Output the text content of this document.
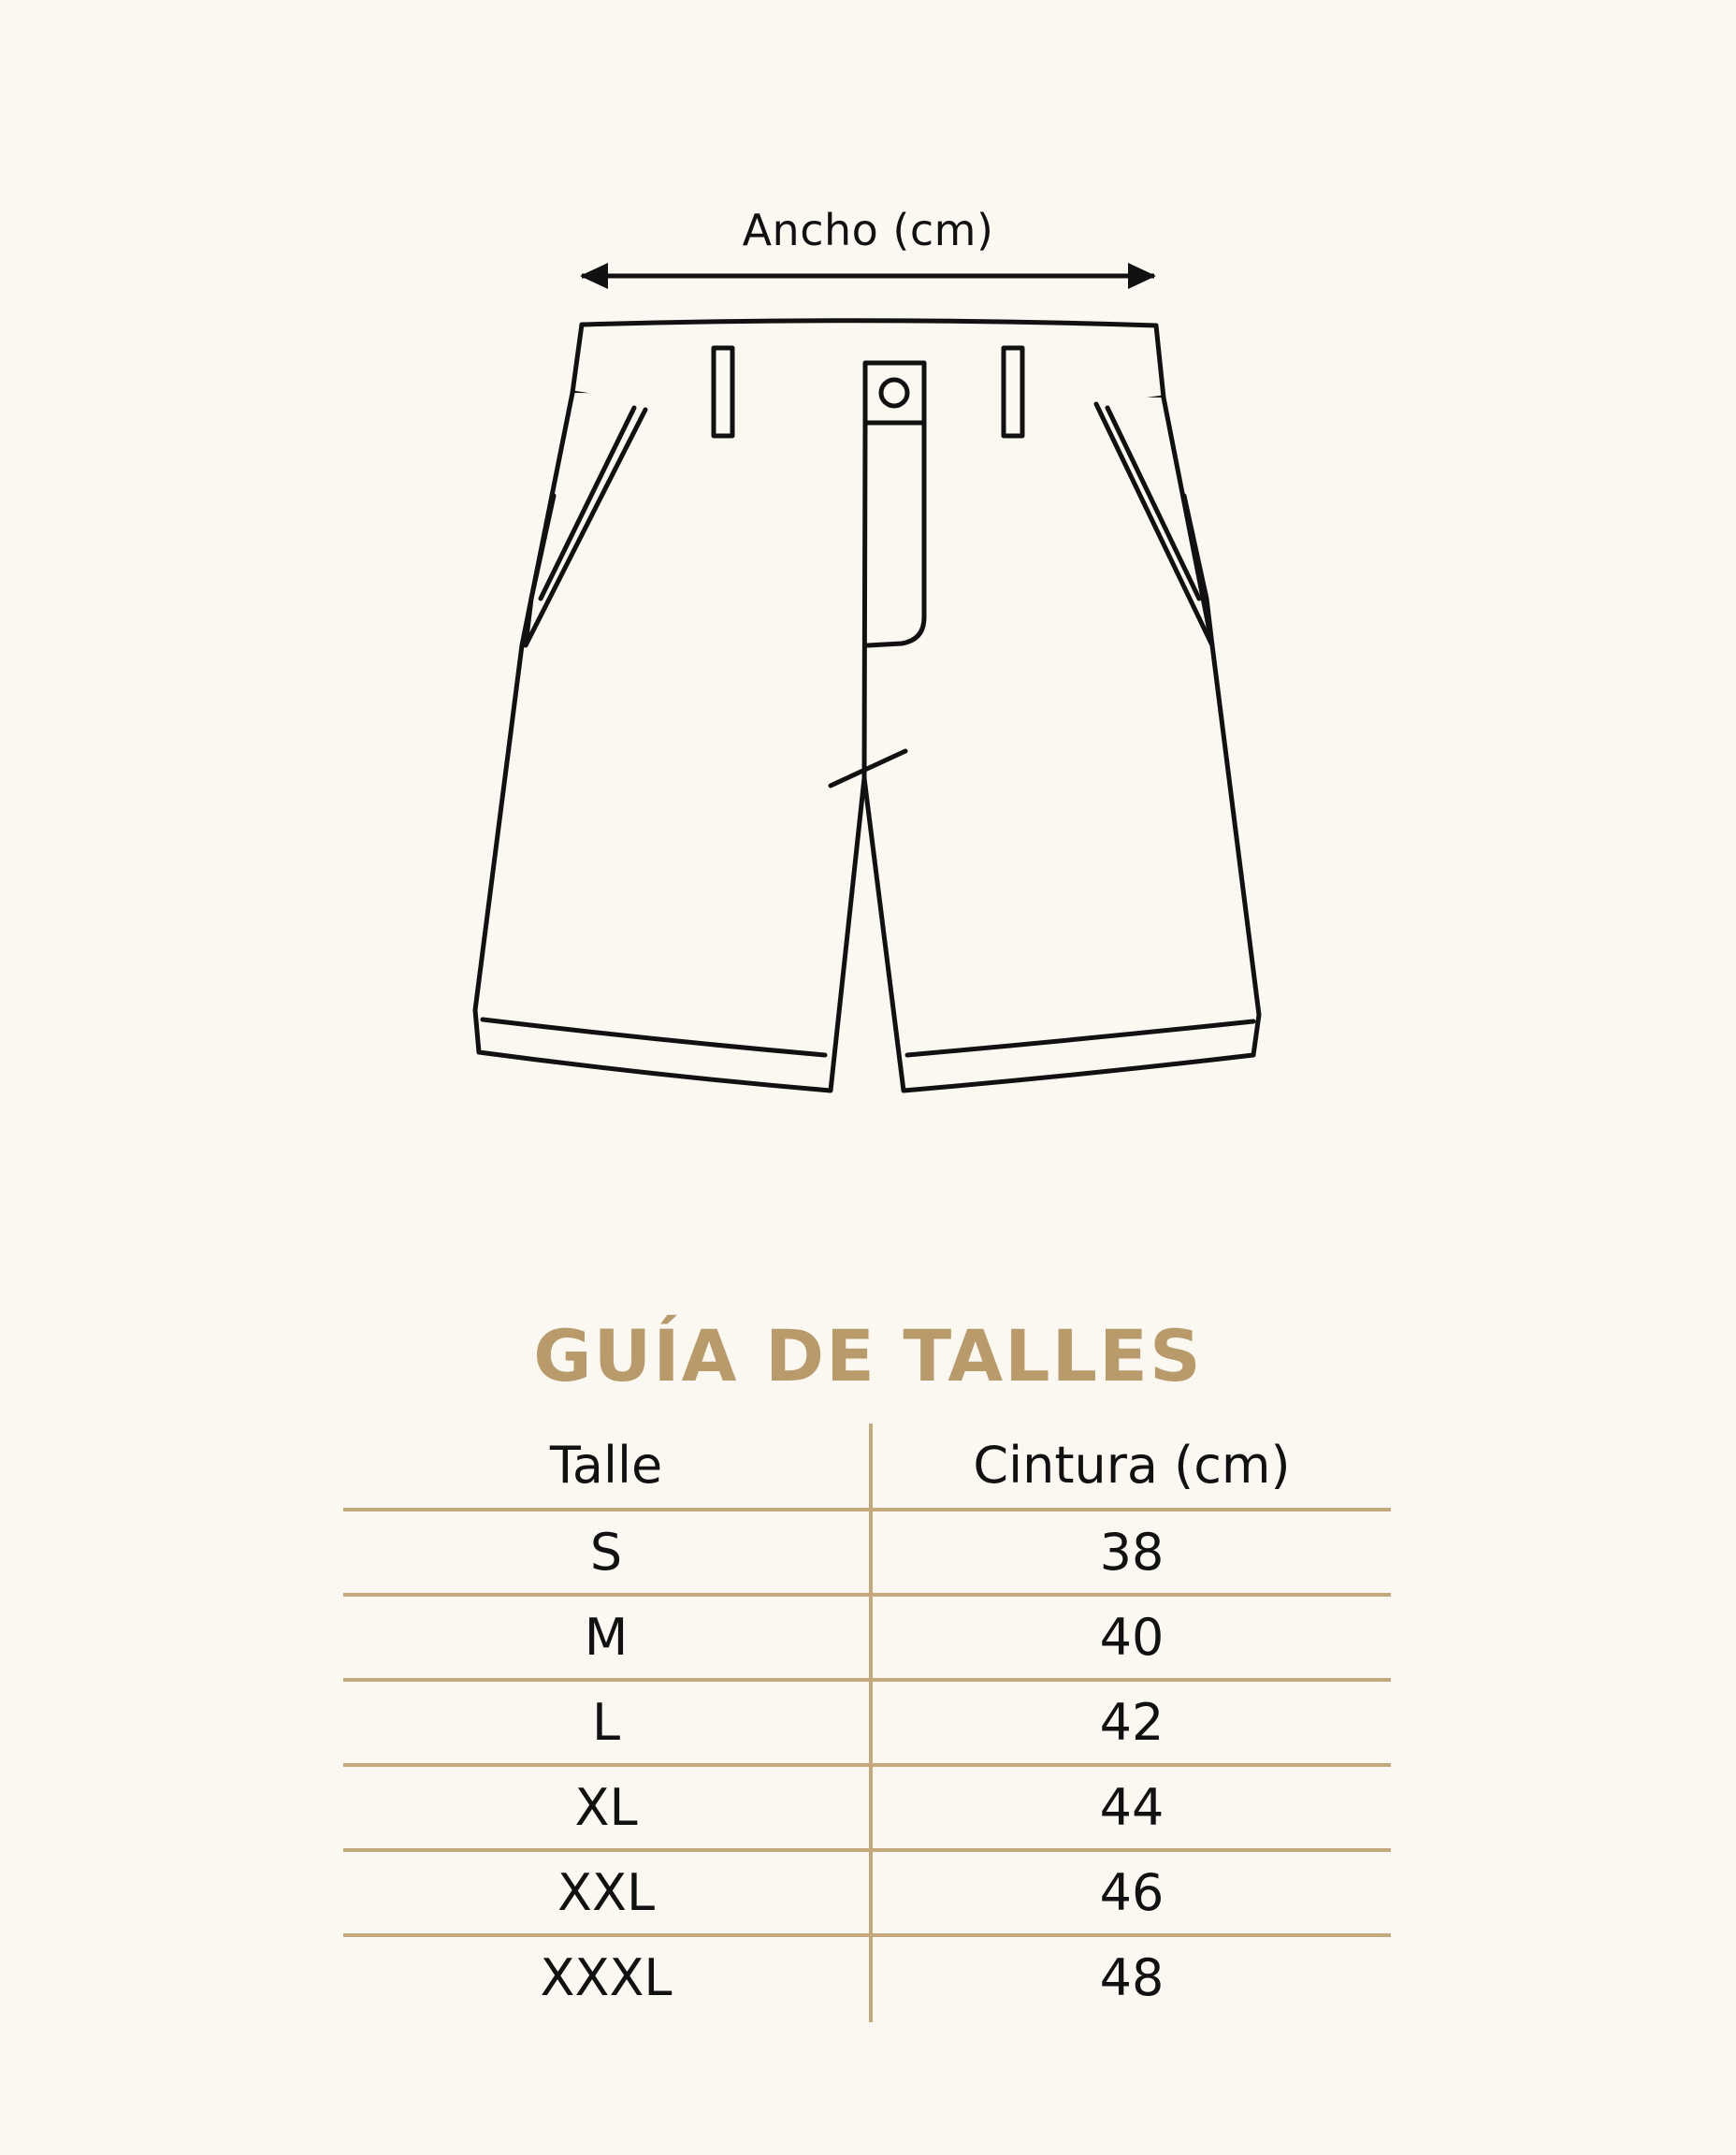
Ancho (cm)
GUÍA DE TALLES
Talle	Cintura (cm)
S	38
M	40
L	42
XL	44
XXL	46
XXXL	48
